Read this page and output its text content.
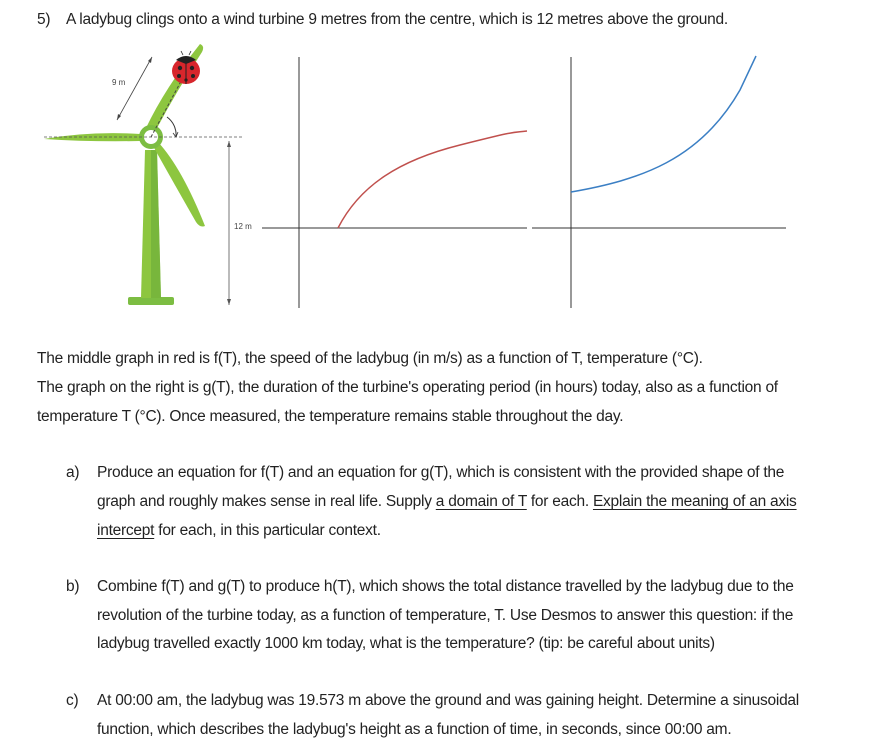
5) A ladybug clings onto a wind turbine 9 metres from the centre, which is 12 metres above the ground.
9 m
12 m
The middle graph in red is f(T), the speed of the ladybug (in m/s) as a function of T, temperature (°C).
The graph on the right is g(T), the duration of the turbine's operating period (in hours) today, also as a function of
temperature T (°C). Once measured, the temperature remains stable throughout the day.
a) Produce an equation for f(T) and an equation for g(T), which is consistent with the provided shape of the
graph and roughly makes sense in real life. Supply a domain of T for each. Explain the meaning of an axis
intercept for each, in this particular context.
b) Combine f(T) and g(T) to produce h(T), which shows the total distance travelled by the ladybug due to the
revolution of the turbine today, as a function of temperature, T. Use Desmos to answer this question: if the
ladybug travelled exactly 1000 km today, what is the temperature? (tip: be careful about units)
c) At 00:00 am, the ladybug was 19.573 m above the ground and was gaining height. Determine a sinusoidal
function, which describes the ladybug's height as a function of time, in seconds, since 00:00 am.
